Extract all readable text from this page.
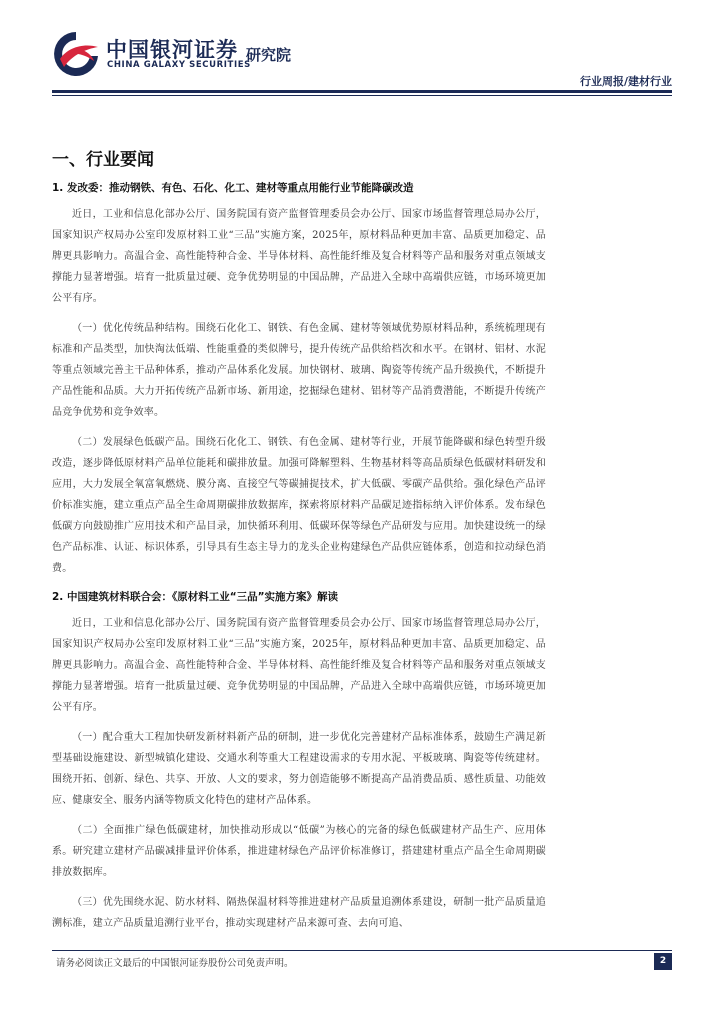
中国银河证券
CHINA GALAXY SECURITIES
研究院
行业周报/建材行业
一、行业要闻
1. 发改委：推动钢铁、有色、石化、化工、建材等重点用能行业节能降碳改造

近日，工业和信息化部办公厅、国务院国有资产监督管理委员会办公厅、国家市场监督管理总局办公厅，国家知识产权局办公室印发原材料工业“三品”实施方案，2025年，原材料品种更加丰富、品质更加稳定、品牌更具影响力。高温合金、高性能特种合金、半导体材料、高性能纤维及复合材料等产品和服务对重点领域支撑能力显著增强。培育一批质量过硬、竞争优势明显的中国品牌，产品进入全球中高端供应链，市场环境更加公平有序。

（一）优化传统品种结构。围绕石化化工、钢铁、有色金属、建材等领域优势原材料品种，系统梳理现有标准和产品类型，加快淘汰低端、性能重叠的类似牌号，提升传统产品供给档次和水平。在钢材、铝材、水泥等重点领域完善主干品种体系，推动产品体系化发展。加快钢材、玻璃、陶瓷等传统产品升级换代，不断提升产品性能和品质。大力开拓传统产品新市场、新用途，挖掘绿色建材、铝材等产品消费潜能，不断提升传统产品竞争优势和竞争效率。

（二）发展绿色低碳产品。围绕石化化工、钢铁、有色金属、建材等行业，开展节能降碳和绿色转型升级改造，逐步降低原材料产品单位能耗和碳排放量。加强可降解塑料、生物基材料等高品质绿色低碳材料研发和应用，大力发展全氧富氧燃烧、膜分离、直接空气等碳捕捉技术，扩大低碳、零碳产品供给。强化绿色产品评价标准实施，建立重点产品全生命周期碳排放数据库，探索将原材料产品碳足迹指标纳入评价体系。发布绿色低碳方向鼓励推广应用技术和产品目录，加快循环利用、低碳环保等绿色产品研发与应用。加快建设统一的绿色产品标准、认证、标识体系，引导具有生态主导力的龙头企业构建绿色产品供应链体系，创造和拉动绿色消费。

2. 中国建筑材料联合会：《原材料工业“三品”实施方案》解读

近日，工业和信息化部办公厅、国务院国有资产监督管理委员会办公厅、国家市场监督管理总局办公厅，国家知识产权局办公室印发原材料工业“三品”实施方案，2025年，原材料品种更加丰富、品质更加稳定、品牌更具影响力。高温合金、高性能特种合金、半导体材料、高性能纤维及复合材料等产品和服务对重点领域支撑能力显著增强。培育一批质量过硬、竞争优势明显的中国品牌，产品进入全球中高端供应链，市场环境更加公平有序。

（一）配合重大工程加快研发新材料新产品的研制，进一步优化完善建材产品标准体系，鼓励生产满足新型基础设施建设、新型城镇化建设、交通水利等重大工程建设需求的专用水泥、平板玻璃、陶瓷等传统建材。围绕开拓、创新、绿色、共享、开放、人文的要求，努力创造能够不断提高产品消费品质、感性质量、功能效应、健康安全、服务内涵等物质文化特色的建材产品体系。

（二）全面推广绿色低碳建材，加快推动形成以“低碳”为核心的完备的绿色低碳建材产品生产、应用体系。研究建立建材产品碳减排量评价体系，推进建材绿色产品评价标准修订，搭建建材重点产品全生命周期碳排放数据库。

（三）优先围绕水泥、防水材料、隔热保温材料等推进建材产品质量追溯体系建设，研制一批产品质量追溯标准，建立产品质量追溯行业平台，推动实现建材产品来源可查、去向可追、

请务必阅读正文最后的中国银河证券股份公司免责声明。	2
